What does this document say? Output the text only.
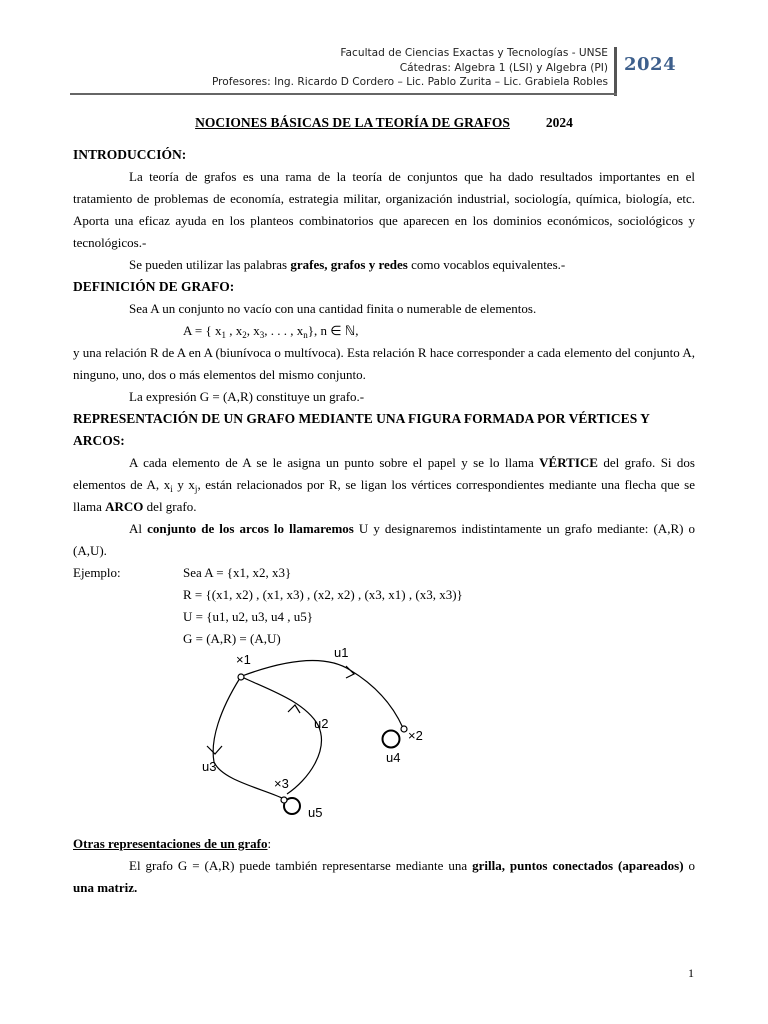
Facultad de Ciencias Exactas y Tecnologías - UNSE
Cátedras: Algebra 1 (LSI) y Algebra (PI)
Profesores: Ing. Ricardo D Cordero – Lic. Pablo Zurita – Lic. Grabiela Robles
2024
NOCIONES BÁSICAS DE LA TEORÍA DE GRAFOS	2024
INTRODUCCIÓN:

La teoría de grafos es una rama de la teoría de conjuntos que ha dado resultados importantes en el tratamiento de problemas de economía, estrategia militar, organización industrial, sociología, química, biología, etc. Aporta una eficaz ayuda en los planteos combinatorios que aparecen en los dominios económicos, sociológicos y tecnológicos.-

Se pueden utilizar las palabras grafes, grafos y redes como vocablos equivalentes.-

DEFINICIÓN DE GRAFO:

Sea A un conjunto no vacío con una cantidad finita o numerable de elementos.

A = { $x_1$ , $x_2$, $x_3$, . . . , $x_n$}, n ∈ ℕ,

y una relación R de A en A (biunívoca o multívoca). Esta relación R hace corresponder a cada elemento del conjunto A, ninguno, uno, dos o más elementos del mismo conjunto.

La expresión G = (A,R) constituye un grafo.-

REPRESENTACIÓN DE UN GRAFO MEDIANTE UNA FIGURA FORMADA POR VÉRTICES Y ARCOS:

A cada elemento de A se le asigna un punto sobre el papel y se lo llama VÉRTICE del grafo. Si dos elementos de A, $x_i$ y $x_j$, están relacionados por R, se ligan los vértices correspondientes mediante una flecha que se llama ARCO del grafo.

Al conjunto de los arcos lo llamaremos U y designaremos indistintamente un grafo mediante: (A,R) o (A,U).

Ejemplo:	Sea A = {x1, x2, x3}
R = {(x1, x2) , (x1, x3) , (x2, x2) , (x3, x1) , (x3, x3)}
U = {u1, u2, u3, u4 , u5}
G = (A,R) = (A,U)
×1
×2
×3
u1
u2
u3
u4
u5
Otras representaciones de un grafo:

El grafo G = (A,R) puede también representarse mediante una grilla, puntos conectados (apareados) o una matriz.

1
